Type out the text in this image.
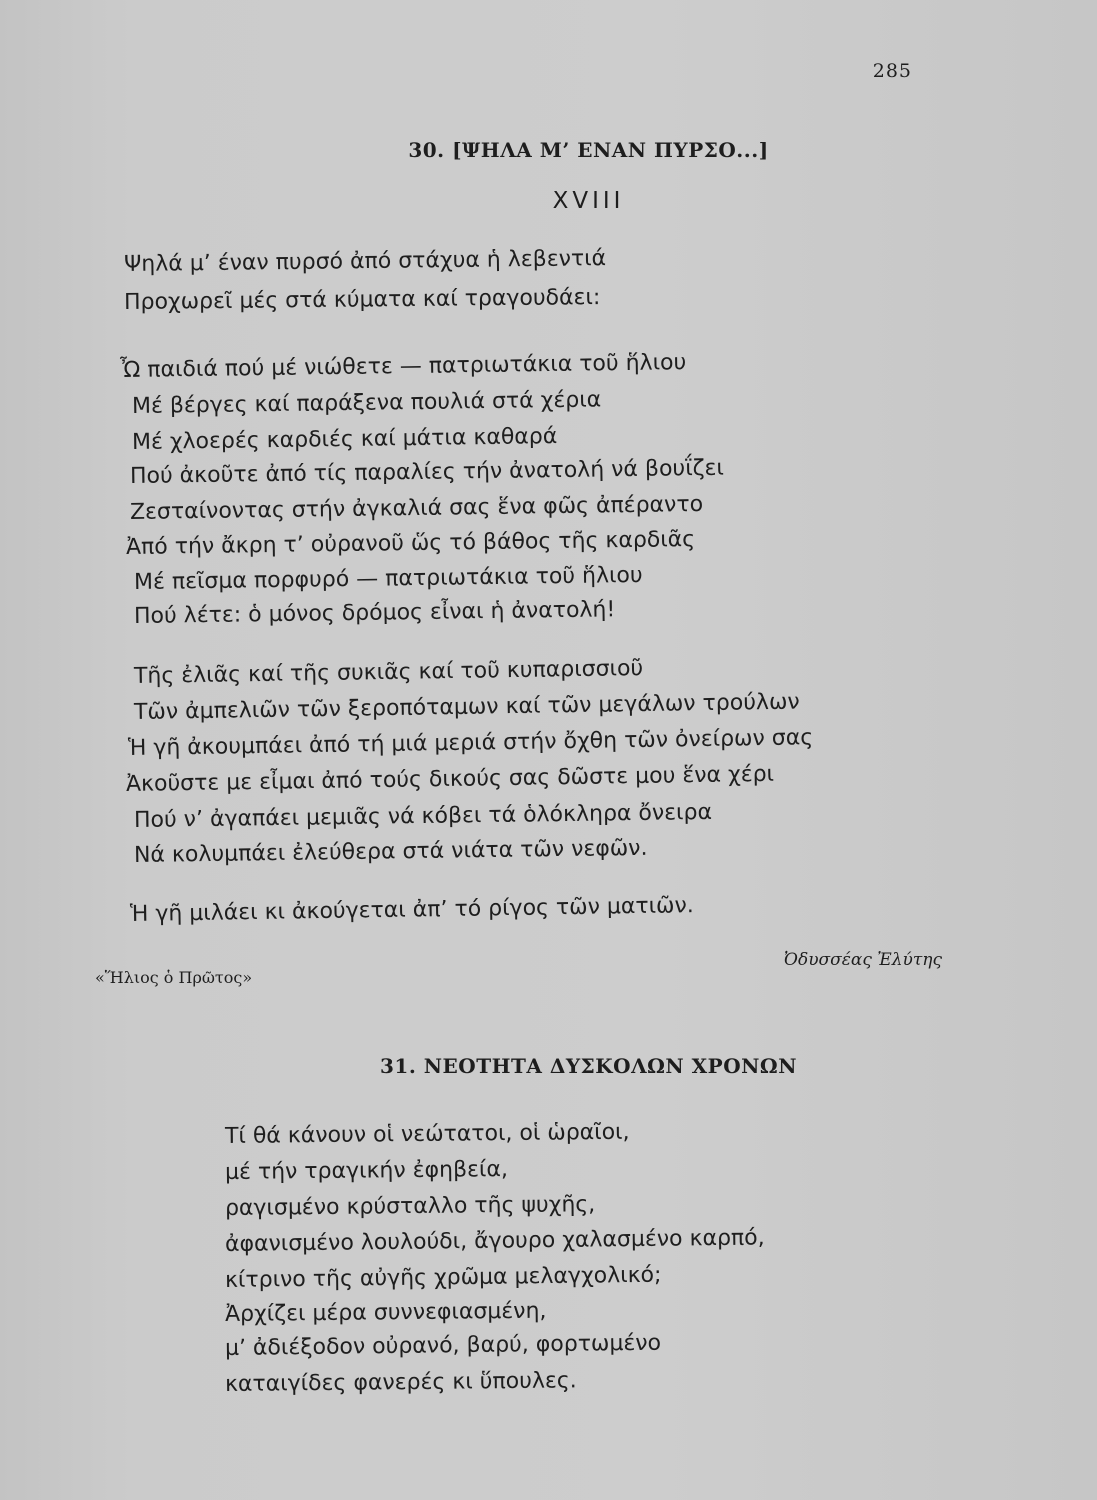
285
30. [ΨΗΛΑ Μ’ ΕΝΑΝ ΠΥΡΣΟ...]
XVIII
Ψηλά μ’ έναν πυρσό ἀπό στάχυα ἡ λεβεντιά
Προχωρεῖ μές στά κύματα καί τραγουδάει:
Ὦ παιδιά πού μέ νιώθετε — πατριωτάκια τοῦ ἥλιου
Μέ βέργες καί παράξενα πουλιά στά χέρια
Μέ χλοερές καρδιές καί μάτια καθαρά
Πού ἀκοῦτε ἀπό τίς παραλίες τήν ἀνατολή νά βουΐζει
Ζεσταίνοντας στήν ἀγκαλιά σας ἕνα φῶς ἀπέραντο
Ἀπό τήν ἄκρη τ’ οὐρανοῦ ὥς τό βάθος τῆς καρδιᾶς
Μέ πεῖσμα πορφυρό — πατριωτάκια τοῦ ἥλιου
Πού λέτε: ὁ μόνος δρόμος εἶναι ἡ ἀνατολή!
Τῆς ἐλιᾶς καί τῆς συκιᾶς καί τοῦ κυπαρισσιοῦ
Τῶν ἀμπελιῶν τῶν ξεροπόταμων καί τῶν μεγάλων τρούλων
Ἡ γῆ ἀκουμπάει ἀπό τή μιά μεριά στήν ὄχθη τῶν ὀνείρων σας
Ἀκοῦστε με εἶμαι ἀπό τούς δικούς σας δῶστε μου ἕνα χέρι
Πού ν’ ἀγαπάει μεμιᾶς νά κόβει τά ὁλόκληρα ὄνειρα
Νά κολυμπάει ἐλεύθερα στά νιάτα τῶν νεφῶν.
Ἡ γῆ μιλάει κι ἀκούγεται ἀπ’ τό ρίγος τῶν ματιῶν.
Ὀδυσσέας Ἐλύτης
«Ἥλιος ὁ Πρῶτος»
31. ΝΕΟΤΗΤΑ ΔΥΣΚΟΛΩΝ ΧΡΟΝΩΝ
Τί θά κάνουν οἱ νεώτατοι, οἱ ὡραῖοι,
μέ τήν τραγικήν ἐφηβεία,
ραγισμένο κρύσταλλο τῆς ψυχῆς,
ἀφανισμένο λουλούδι, ἄγουρο χαλασμένο καρπό,
κίτρινο τῆς αὐγῆς χρῶμα μελαγχολικό;
Ἀρχίζει μέρα συννεφιασμένη,
μ’ ἀδιέξοδον οὐρανό, βαρύ, φορτωμένο
καταιγίδες φανερές κι ὕπουλες.
